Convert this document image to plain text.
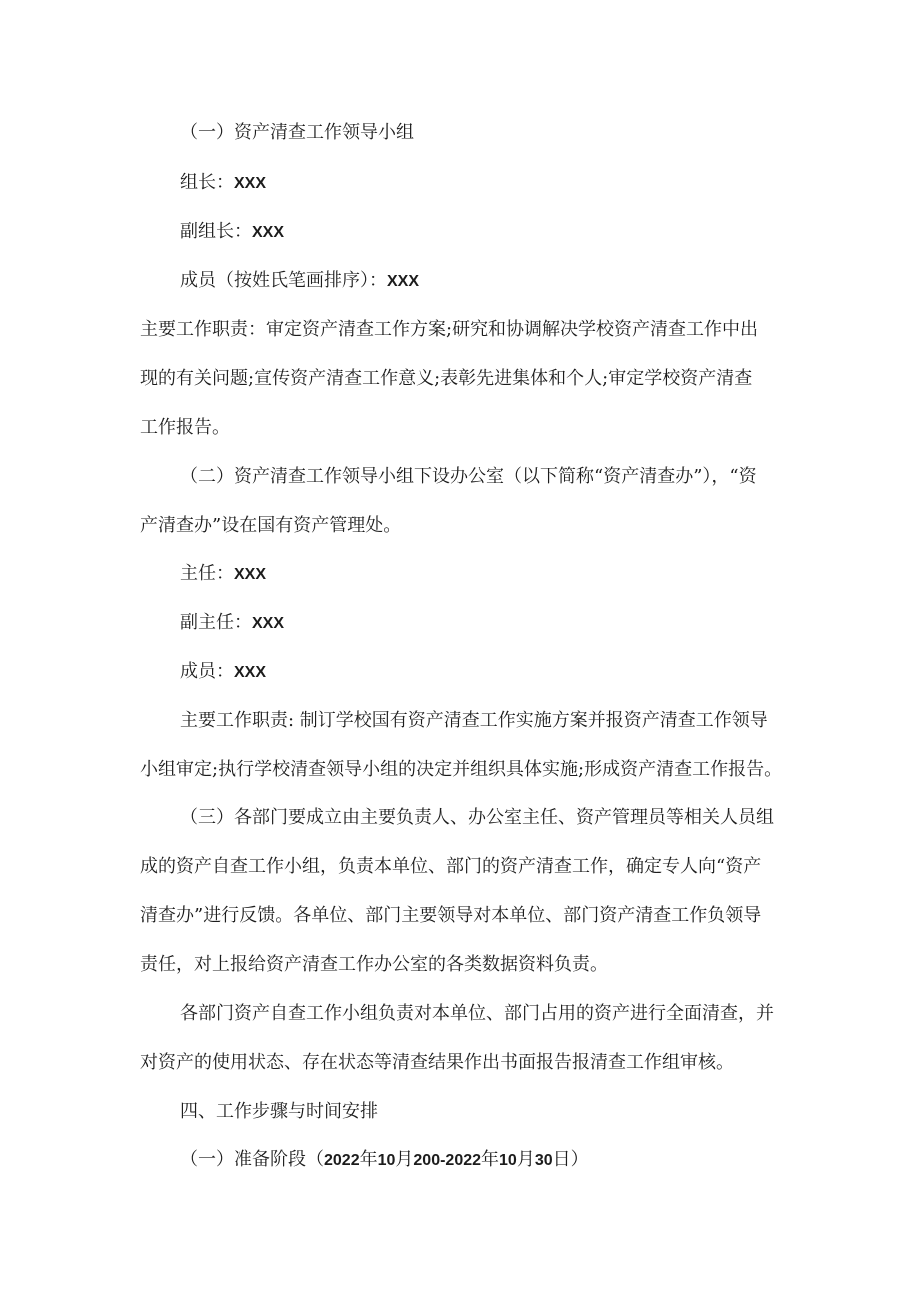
（一）资产清查工作领导小组
组长：XXX
副组长：XXX
成员（按姓氏笔画排序）：XXX
主要工作职责：审定资产清查工作方案;研究和协调解决学校资产清查工作中出
现的有关问题;宣传资产清查工作意义;表彰先进集体和个人;审定学校资产清查
工作报告。
（二）资产清查工作领导小组下设办公室（以下简称“资产清查办”），“资
产清查办”设在国有资产管理处。
主任：XXX
副主任：XXX
成员：XXX
主要工作职责: 制订学校国有资产清查工作实施方案并报资产清查工作领导
小组审定;执行学校清查领导小组的决定并组织具体实施;形成资产清查工作报告。
（三）各部门要成立由主要负责人、办公室主任、资产管理员等相关人员组
成的资产自查工作小组，负责本单位、部门的资产清查工作，确定专人向“资产
清查办”进行反馈。各单位、部门主要领导对本单位、部门资产清查工作负领导
责任，对上报给资产清查工作办公室的各类数据资料负责。
各部门资产自查工作小组负责对本单位、部门占用的资产进行全面清查，并
对资产的使用状态、存在状态等清查结果作出书面报告报清查工作组审核。
四、工作步骤与时间安排
（一）准备阶段（2022年10月200-2022年10月30日）
